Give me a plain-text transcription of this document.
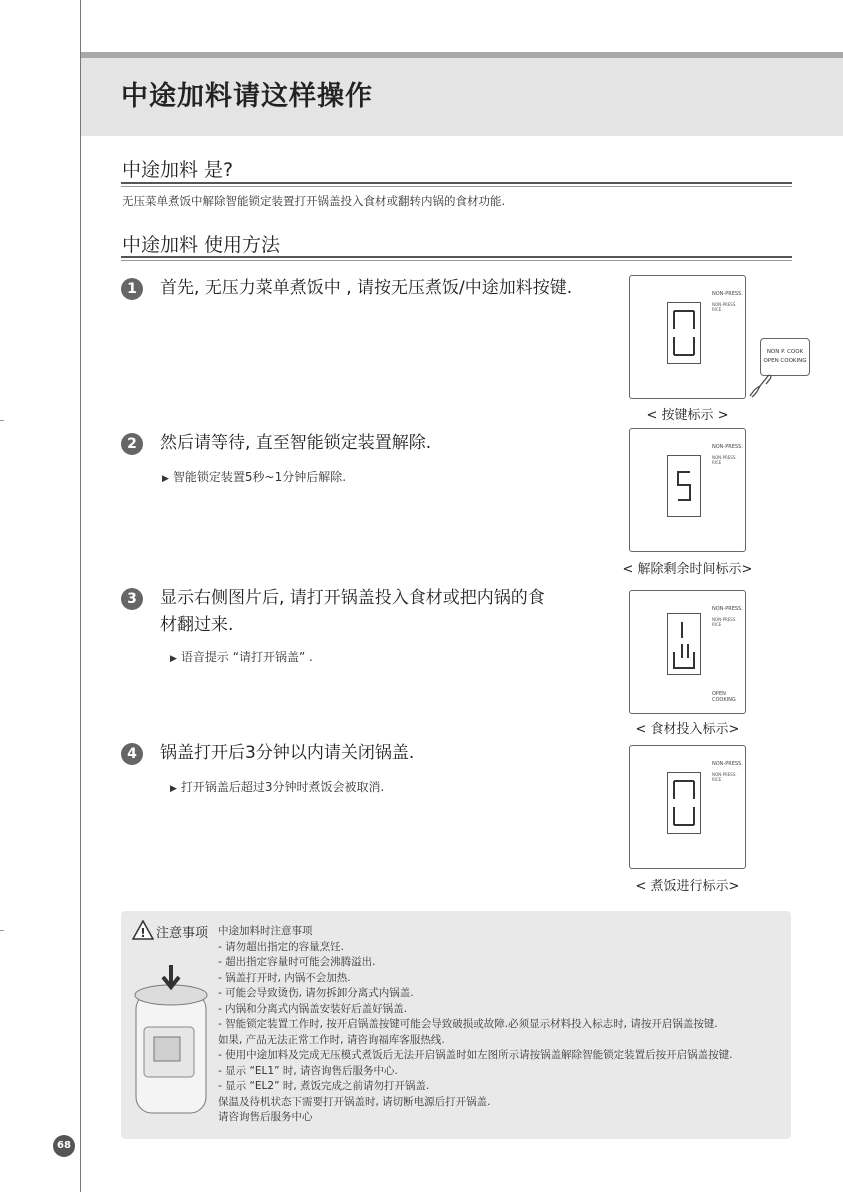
中途加料请这样操作
中途加料 是?
无压菜单煮饭中解除智能锁定装置打开锅盖投入食材或翻转内锅的食材功能.
中途加料 使用方法
1	首先, 无压力菜单煮饭中 , 请按无压煮饭/中途加料按键.
2	然后请等待, 直至智能锁定装置解除.
▶ 智能锁定装置5秒~1分钟后解除.
3	显示右侧图片后, 请打开锅盖投入食材或把内锅的食材翻过来.
▶ 语音提示 “请打开锅盖” .
4	锅盖打开后3分钟以内请关闭锅盖.
▶ 打开锅盖后超过3分钟时煮饭会被取消.
NON-PRESS.
NON-PRESS. RICE
NON P. COOK
OPEN COOKING
< 按键标示 >
NON-PRESS.
NON-PRESS. RICE
< 解除剩余时间标示>
NON-PRESS.
NON-PRESS. RICE
OPEN COOKING
< 食材投入标示>
NON-PRESS.
NON-PRESS. RICE
< 煮饭进行标示>
! 注意事项 中途加料时注意事项
- 请勿超出指定的容量烹饪.
- 超出指定容量时可能会沸腾溢出.
- 锅盖打开时, 内锅不会加热.
- 可能会导致烫伤, 请勿拆卸分离式内锅盖.
- 内锅和分离式内锅盖安装好后盖好锅盖.
- 智能锁定装置工作时, 按开启锅盖按键可能会导致破损或故障.必须显示材料投入标志时, 请按开启锅盖按键.
如果, 产品无法正常工作时, 请咨询福库客服热线.
- 使用中途加料及完成无压模式煮饭后无法开启锅盖时如左图所示请按锅盖解除智能锁定装置后按开启锅盖按键.
- 显示 “EL1” 时, 请咨询售后服务中心.
- 显示 “EL2” 时, 煮饭完成之前请勿打开锅盖.
保温及待机状态下需要打开锅盖时, 请切断电源后打开锅盖.
请咨询售后服务中心
68
